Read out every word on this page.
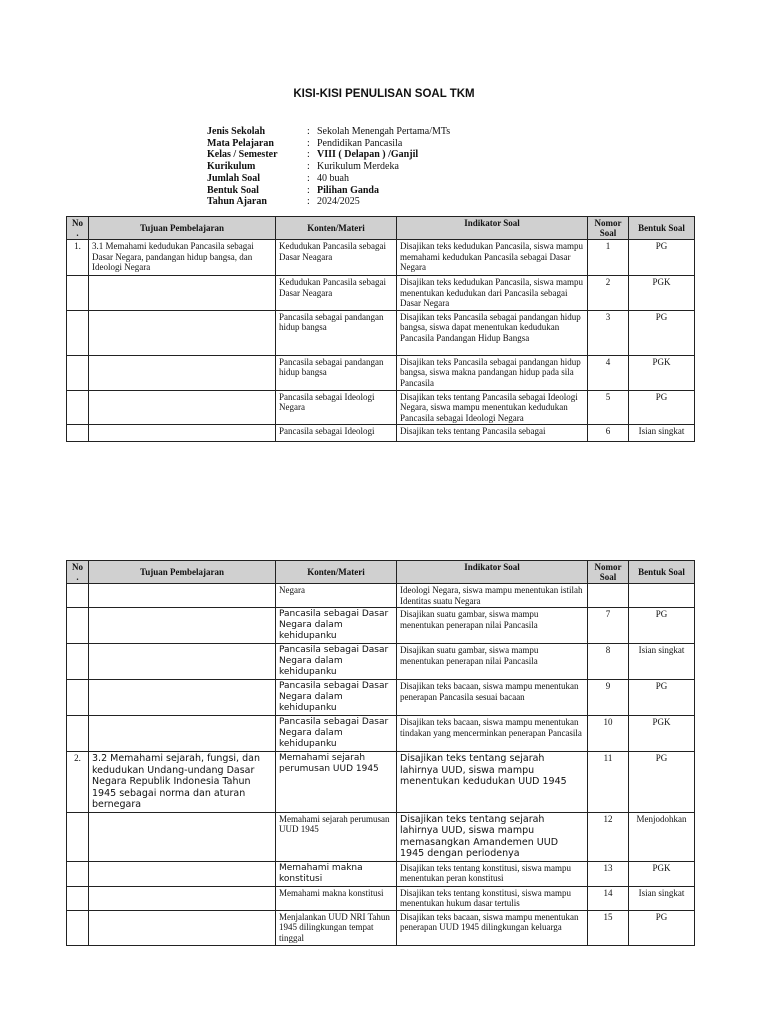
KISI-KISI PENULISAN SOAL TKM
Jenis Sekolah	: Sekolah Menengah Pertama/MTs
Mata Pelajaran	: Pendidikan Pancasila
Kelas / Semester	: VIII ( Delapan ) /Ganjil
Kurikulum	: Kurikulum Merdeka
Jumlah Soal	: 40 buah
Bentuk Soal	: Pilihan Ganda
Tahun Ajaran	: 2024/2025
No .	Tujuan Pembelajaran	Konten/Materi	Indikator Soal	Nomor Soal	Bentuk Soal
1.	3.1 Memahami kedudukan Pancasila sebagai Dasar Negara, pandangan hidup bangsa, dan Ideologi Negara	Kedudukan Pancasila sebagai Dasar Neagara	Disajikan teks kedudukan Pancasila, siswa mampu memahami kedudukan Pancasila sebagai Dasar Negara	1	PG
		Kedudukan Pancasila sebagai Dasar Neagara	Disajikan teks kedudukan Pancasila, siswa mampu menentukan kedudukan dari Pancasila sebagai Dasar Negara	2	PGK
		Pancasila sebagai pandangan hidup bangsa	Disajikan teks Pancasila sebagai pandangan hidup bangsa, siswa dapat menentukan kedudukan Pancasila Pandangan Hidup Bangsa	3	PG
		Pancasila sebagai pandangan hidup bangsa	Disajikan teks Pancasila sebagai pandangan hidup bangsa, siswa makna pandangan hidup pada sila Pancasila	4	PGK
		Pancasila sebagai Ideologi Negara	Disajikan teks tentang Pancasila sebagai Ideologi Negara, siswa mampu menentukan kedudukan Pancasila sebagai Ideologi Negara	5	PG
		Pancasila sebagai Ideologi	Disajikan teks tentang Pancasila sebagai	6	Isian singkat
No .	Tujuan Pembelajaran	Konten/Materi	Indikator Soal	Nomor Soal	Bentuk Soal
		Negara	Ideologi Negara, siswa mampu menentukan istilah Identitas suatu Negara		
		Pancasila sebagai Dasar Negara dalam kehidupanku	Disajikan suatu gambar, siswa mampu menentukan penerapan nilai Pancasila	7	PG
		Pancasila sebagai Dasar Negara dalam kehidupanku	Disajikan suatu gambar, siswa mampu menentukan penerapan nilai Pancasila	8	Isian singkat
		Pancasila sebagai Dasar Negara dalam kehidupanku	Disajikan teks bacaan, siswa mampu menentukan penerapan Pancasila sesuai bacaan	9	PG
		Pancasila sebagai Dasar Negara dalam kehidupanku	Disajikan teks bacaan, siswa mampu menentukan tindakan yang mencerminkan penerapan Pancasila	10	PGK
2.	3.2 Memahami sejarah, fungsi, dan kedudukan Undang-undang Dasar Negara Republik Indonesia Tahun 1945 sebagai norma dan aturan bernegara	Memahami sejarah perumusan UUD 1945	Disajikan teks tentang sejarah lahirnya UUD, siswa mampu menentukan kedudukan UUD 1945	11	PG
		Memahami sejarah perumusan UUD 1945	Disajikan teks tentang sejarah lahirnya UUD, siswa mampu memasangkan Amandemen UUD 1945 dengan periodenya	12	Menjodohkan
		Memahami makna konstitusi	Disajikan teks tentang konstitusi, siswa mampu menentukan peran konstitusi	13	PGK
		Memahami makna konstitusi	Disajikan teks tentang konstitusi, siswa mampu menentukan hukum dasar tertulis	14	Isian singkat
		Menjalankan UUD NRI Tahun 1945 dilingkungan tempat tinggal	Disajikan teks bacaan, siswa mampu menentukan penerapan UUD 1945 dilingkungan keluarga	15	PG
